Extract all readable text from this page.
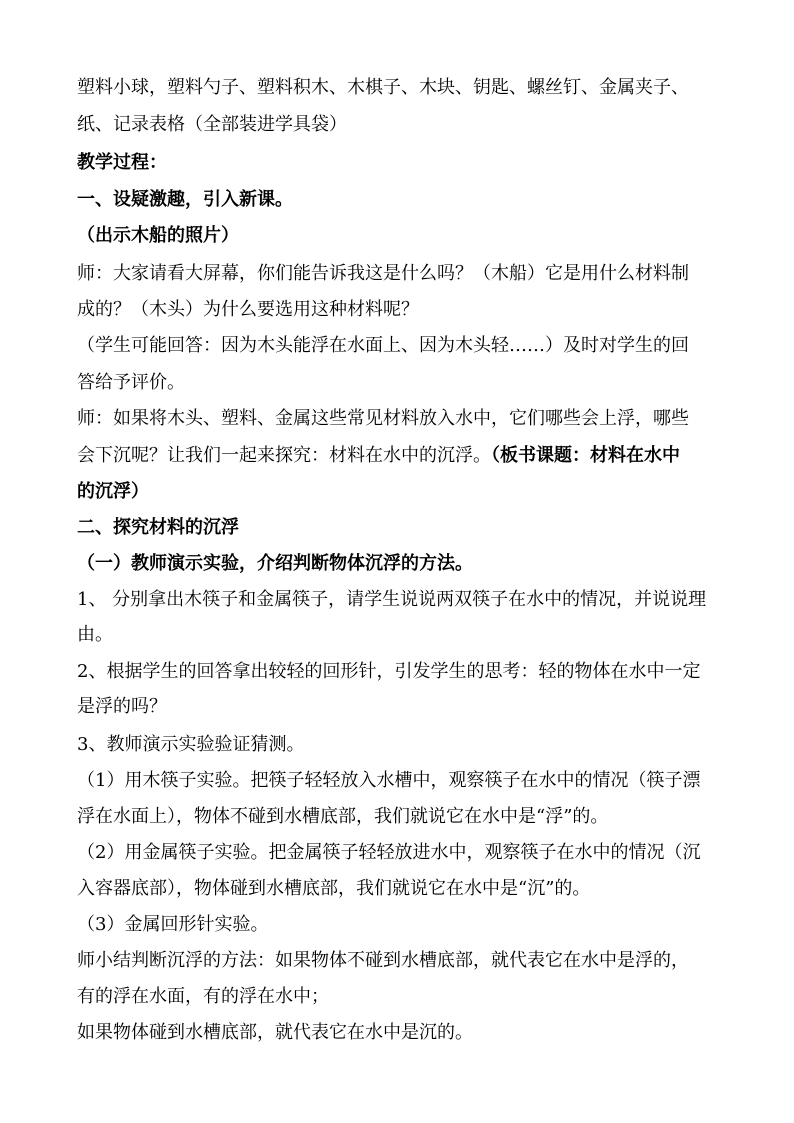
塑料小球，塑料勺子、塑料积木、木棋子、木块、钥匙、螺丝钉、金属夹子、
纸、记录表格（全部装进学具袋）
教学过程：
一、设疑激趣，引入新课。
（出示木船的照片）
师：大家请看大屏幕，你们能告诉我这是什么吗？（木船）它是用什么材料制
成的？（木头）为什么要选用这种材料呢？
（学生可能回答：因为木头能浮在水面上、因为木头轻……）及时对学生的回
答给予评价。
师：如果将木头、塑料、金属这些常见材料放入水中，它们哪些会上浮，哪些
会下沉呢？让我们一起来探究：材料在水中的沉浮。（板书课题：材料在水中
的沉浮）
二、探究材料的沉浮
（一）教师演示实验，介绍判断物体沉浮的方法。
1、 分别拿出木筷子和金属筷子，请学生说说两双筷子在水中的情况，并说说理
由。
2、根据学生的回答拿出较轻的回形针，引发学生的思考：轻的物体在水中一定
是浮的吗？
3、教师演示实验验证猜测。
（1）用木筷子实验。把筷子轻轻放入水槽中，观察筷子在水中的情况（筷子漂
浮在水面上），物体不碰到水槽底部，我们就说它在水中是“浮”的。
（2）用金属筷子实验。把金属筷子轻轻放进水中，观察筷子在水中的情况（沉
入容器底部），物体碰到水槽底部，我们就说它在水中是“沉”的。
（3）金属回形针实验。
师小结判断沉浮的方法：如果物体不碰到水槽底部，就代表它在水中是浮的，
有的浮在水面，有的浮在水中；
如果物体碰到水槽底部，就代表它在水中是沉的。
